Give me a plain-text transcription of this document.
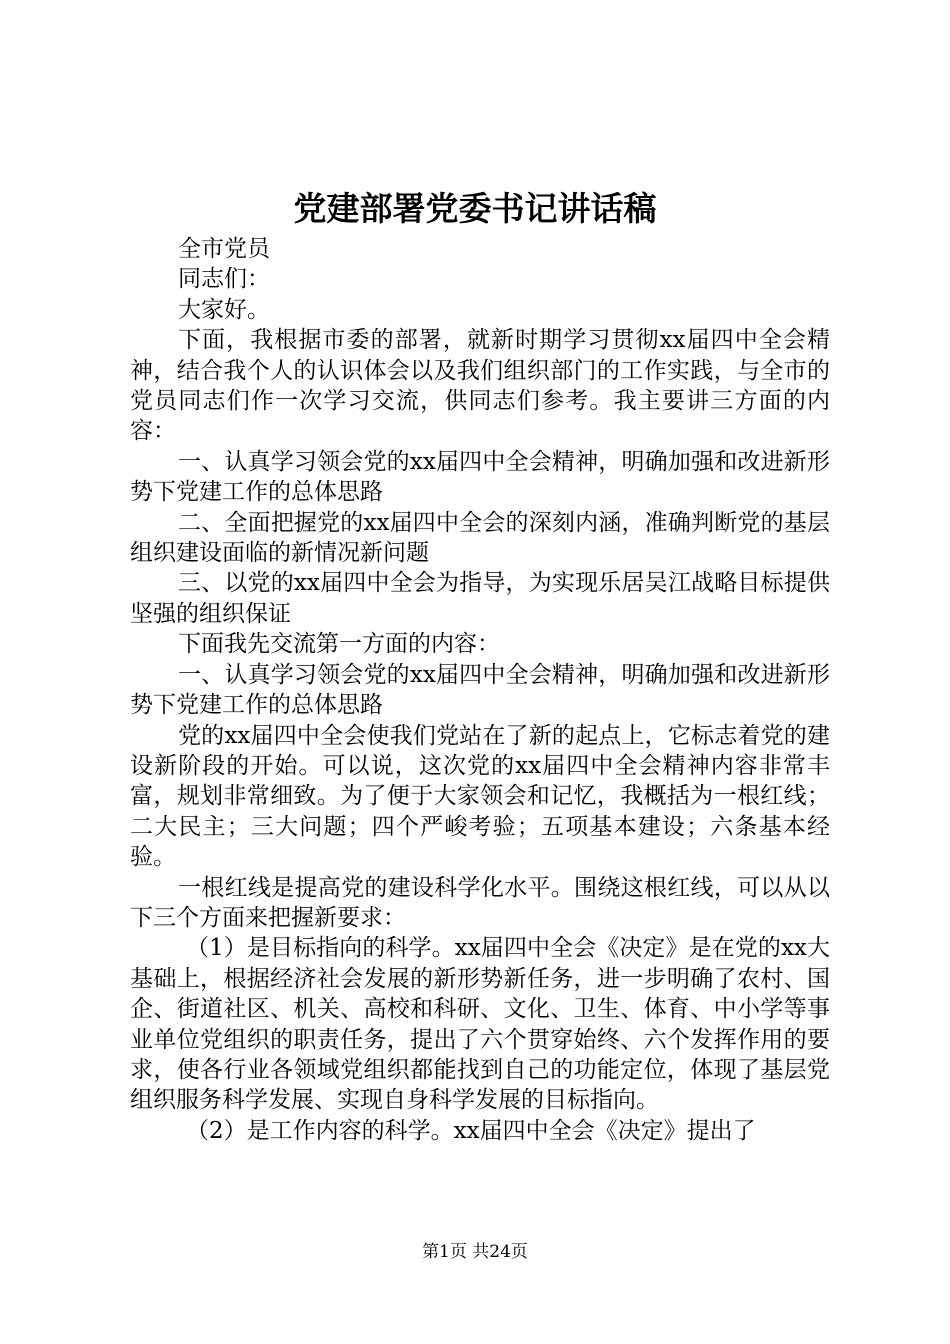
党建部署党委书记讲话稿

全市党员

同志们：

大家好。

下面，我根据市委的部署，就新时期学习贯彻xx届四中全会精神，结合我个人的认识体会以及我们组织部门的工作实践，与全市的党员同志们作一次学习交流，供同志们参考。我主要讲三方面的内容：

一、认真学习领会党的xx届四中全会精神，明确加强和改进新形势下党建工作的总体思路

二、全面把握党的xx届四中全会的深刻内涵，准确判断党的基层组织建设面临的新情况新问题

三、以党的xx届四中全会为指导，为实现乐居吴江战略目标提供坚强的组织保证

下面我先交流第一方面的内容：

一、认真学习领会党的xx届四中全会精神，明确加强和改进新形势下党建工作的总体思路

党的xx届四中全会使我们党站在了新的起点上，它标志着党的建设新阶段的开始。可以说，这次党的xx届四中全会精神内容非常丰富，规划非常细致。为了便于大家领会和记忆，我概括为一根红线；二大民主；三大问题；四个严峻考验；五项基本建设；六条基本经验。

一根红线是提高党的建设科学化水平。围绕这根红线，可以从以下三个方面来把握新要求：

（1）是目标指向的科学。xx届四中全会《决定》是在党的xx大基础上，根据经济社会发展的新形势新任务，进一步明确了农村、国企、街道社区、机关、高校和科研、文化、卫生、体育、中小学等事业单位党组织的职责任务，提出了六个贯穿始终、六个发挥作用的要求，使各行业各领域党组织都能找到自己的功能定位，体现了基层党组织服务科学发展、实现自身科学发展的目标指向。

（2）是工作内容的科学。xx届四中全会《决定》提出了

第1页 共24页
